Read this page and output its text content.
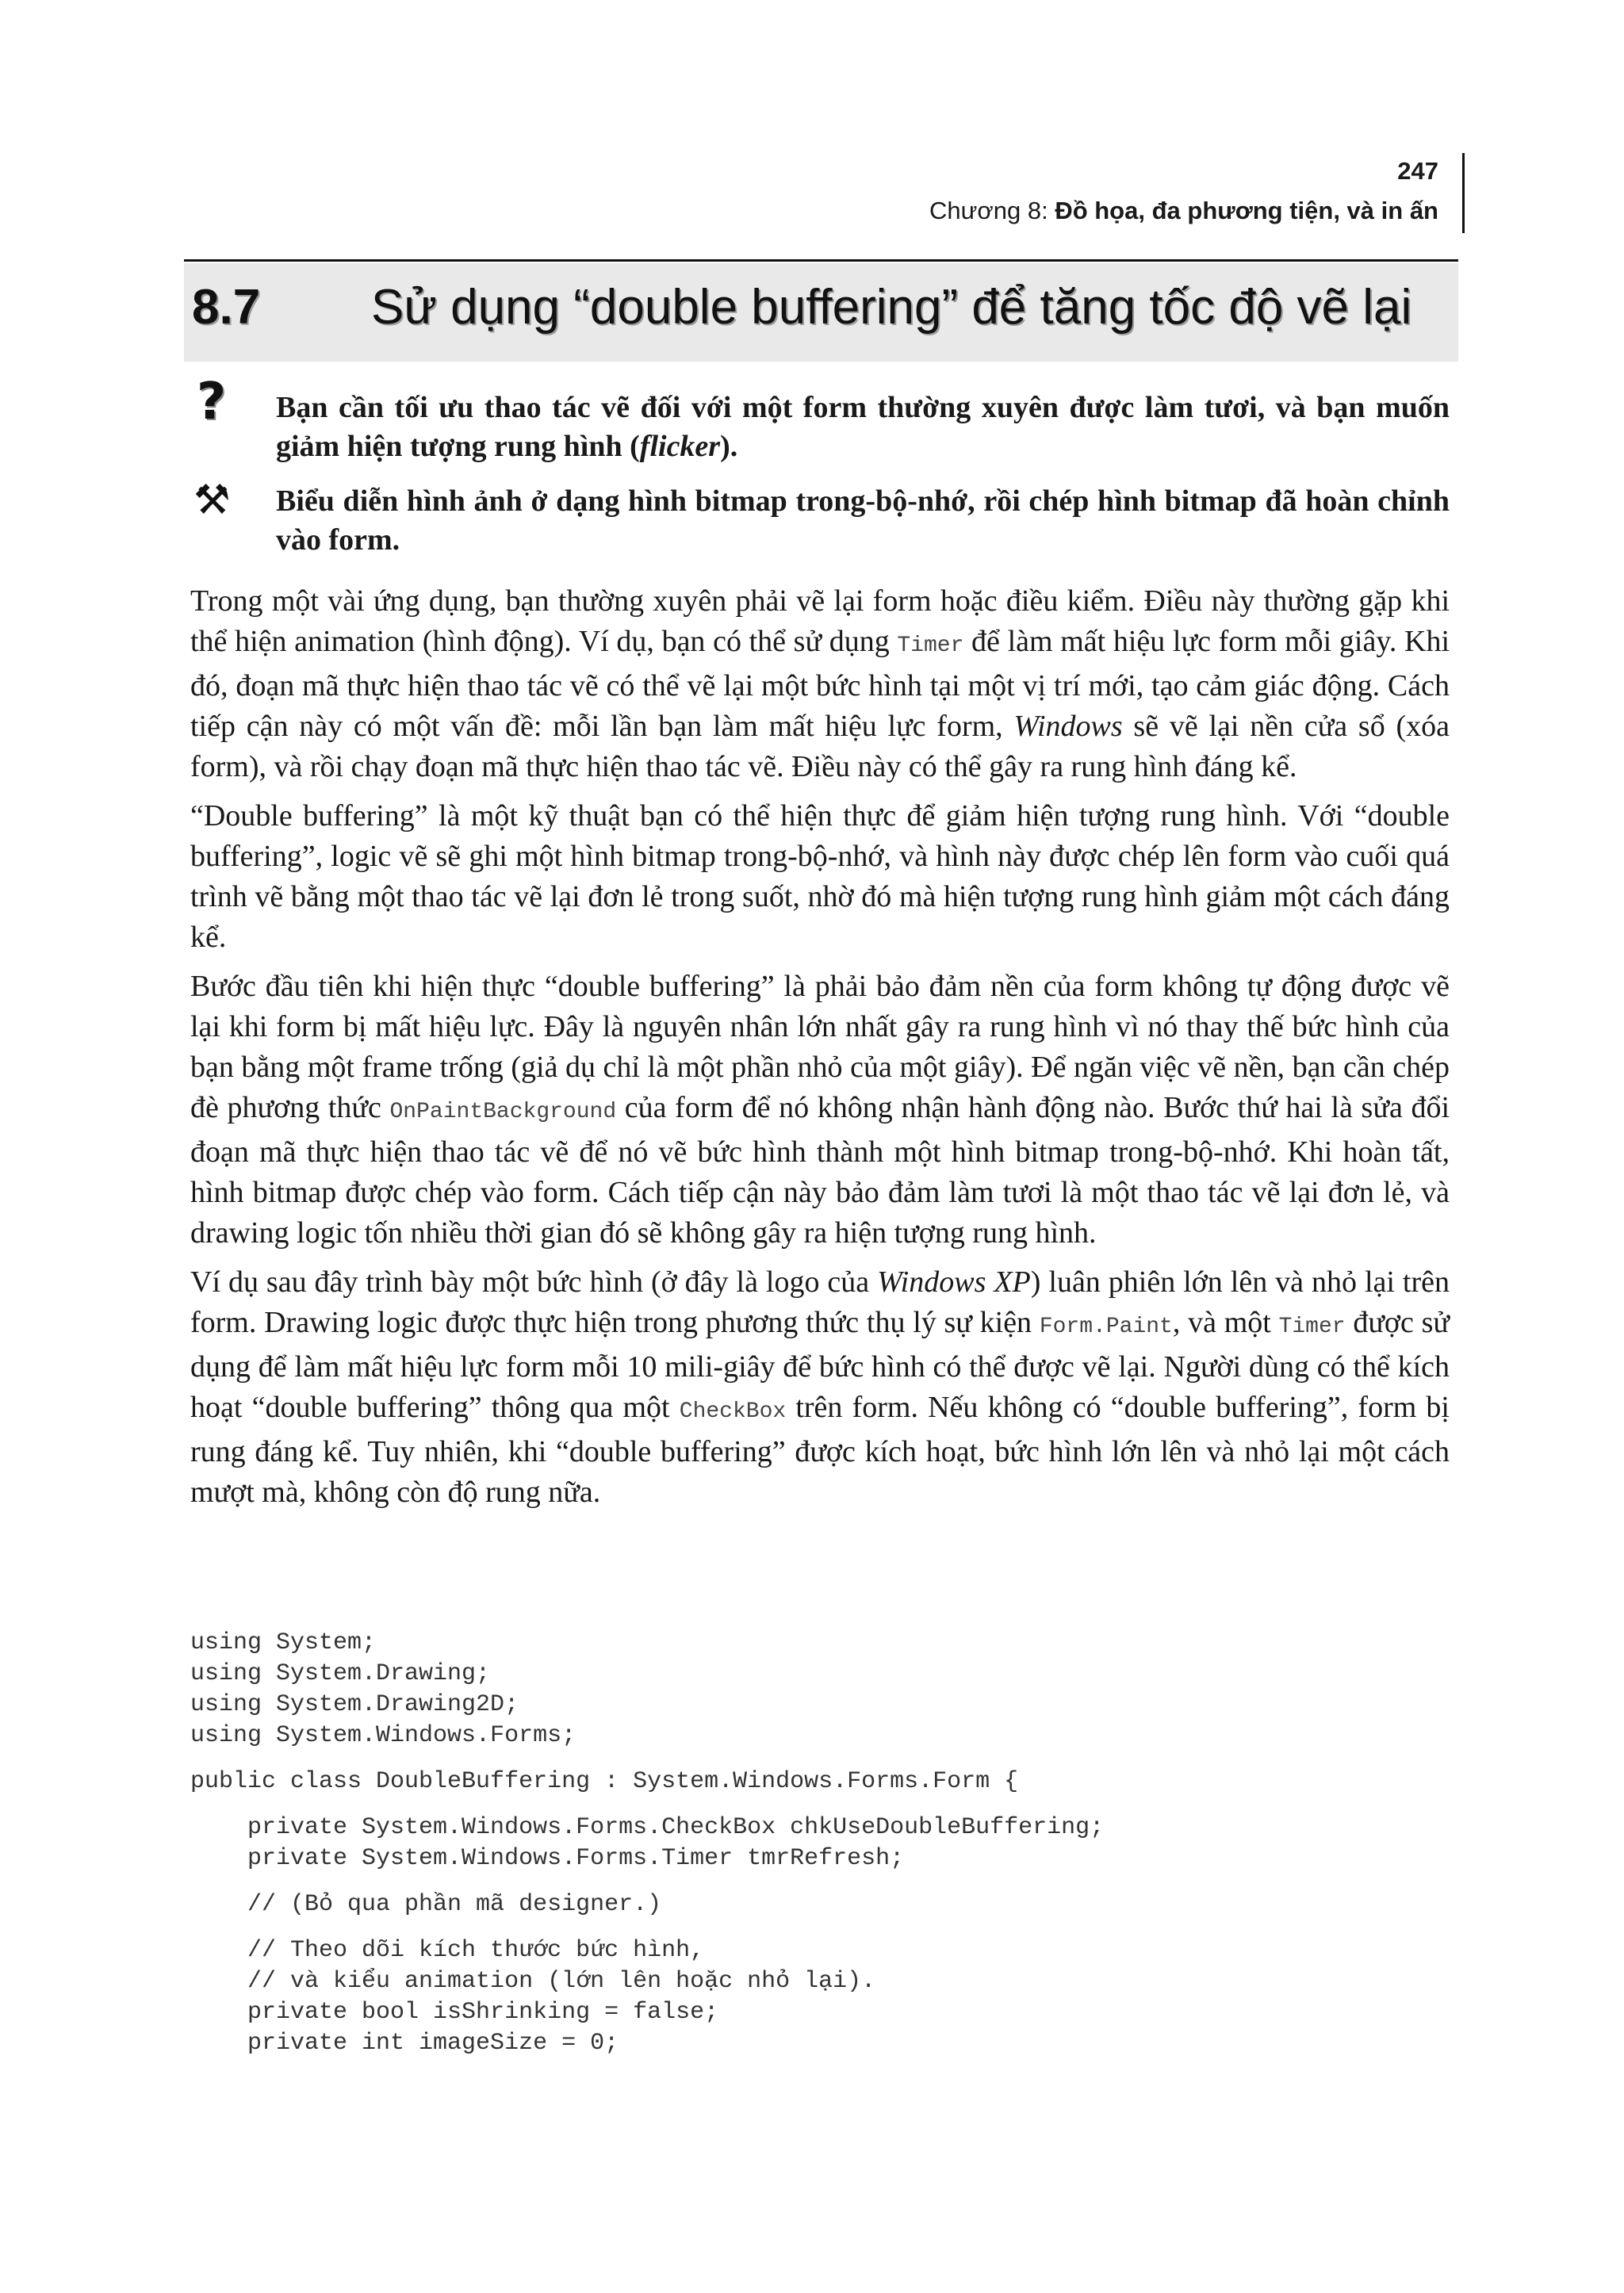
247
Chương 8: Đồ họa, đa phương tiện, và in ấn
8.7 Sử dụng “double buffering” để tăng tốc độ vẽ lại
? Bạn cần tối ưu thao tác vẽ đối với một form thường xuyên được làm tươi, và bạn muốn giảm hiện tượng rung hình (flicker).
⚒ Biểu diễn hình ảnh ở dạng hình bitmap trong-bộ-nhớ, rồi chép hình bitmap đã hoàn chỉnh vào form.

Trong một vài ứng dụng, bạn thường xuyên phải vẽ lại form hoặc điều kiểm. Điều này thường gặp khi thể hiện animation (hình động). Ví dụ, bạn có thể sử dụng Timer để làm mất hiệu lực form mỗi giây. Khi đó, đoạn mã thực hiện thao tác vẽ có thể vẽ lại một bức hình tại một vị trí mới, tạo cảm giác động. Cách tiếp cận này có một vấn đề: mỗi lần bạn làm mất hiệu lực form, Windows sẽ vẽ lại nền cửa sổ (xóa form), và rồi chạy đoạn mã thực hiện thao tác vẽ. Điều này có thể gây ra rung hình đáng kể.

“Double buffering” là một kỹ thuật bạn có thể hiện thực để giảm hiện tượng rung hình. Với “double buffering”, logic vẽ sẽ ghi một hình bitmap trong-bộ-nhớ, và hình này được chép lên form vào cuối quá trình vẽ bằng một thao tác vẽ lại đơn lẻ trong suốt, nhờ đó mà hiện tượng rung hình giảm một cách đáng kể.

Bước đầu tiên khi hiện thực “double buffering” là phải bảo đảm nền của form không tự động được vẽ lại khi form bị mất hiệu lực. Đây là nguyên nhân lớn nhất gây ra rung hình vì nó thay thế bức hình của bạn bằng một frame trống (giả dụ chỉ là một phần nhỏ của một giây). Để ngăn việc vẽ nền, bạn cần chép đè phương thức OnPaintBackground của form để nó không nhận hành động nào. Bước thứ hai là sửa đổi đoạn mã thực hiện thao tác vẽ để nó vẽ bức hình thành một hình bitmap trong-bộ-nhớ. Khi hoàn tất, hình bitmap được chép vào form. Cách tiếp cận này bảo đảm làm tươi là một thao tác vẽ lại đơn lẻ, và drawing logic tốn nhiều thời gian đó sẽ không gây ra hiện tượng rung hình.

Ví dụ sau đây trình bày một bức hình (ở đây là logo của Windows XP) luân phiên lớn lên và nhỏ lại trên form. Drawing logic được thực hiện trong phương thức thụ lý sự kiện Form.Paint, và một Timer được sử dụng để làm mất hiệu lực form mỗi 10 mili-giây để bức hình có thể được vẽ lại. Người dùng có thể kích hoạt “double buffering” thông qua một CheckBox trên form. Nếu không có “double buffering”, form bị rung đáng kể. Tuy nhiên, khi “double buffering” được kích hoạt, bức hình lớn lên và nhỏ lại một cách mượt mà, không còn độ rung nữa.

using System;
using System.Drawing;
using System.Drawing2D;
using System.Windows.Forms;
public class DoubleBuffering : System.Windows.Forms.Form {
private System.Windows.Forms.CheckBox chkUseDoubleBuffering;
private System.Windows.Forms.Timer tmrRefresh;
// (Bỏ qua phần mã designer.)
// Theo dõi kích thước bức hình,
// và kiểu animation (lớn lên hoặc nhỏ lại).
private bool isShrinking = false;
private int imageSize = 0;
